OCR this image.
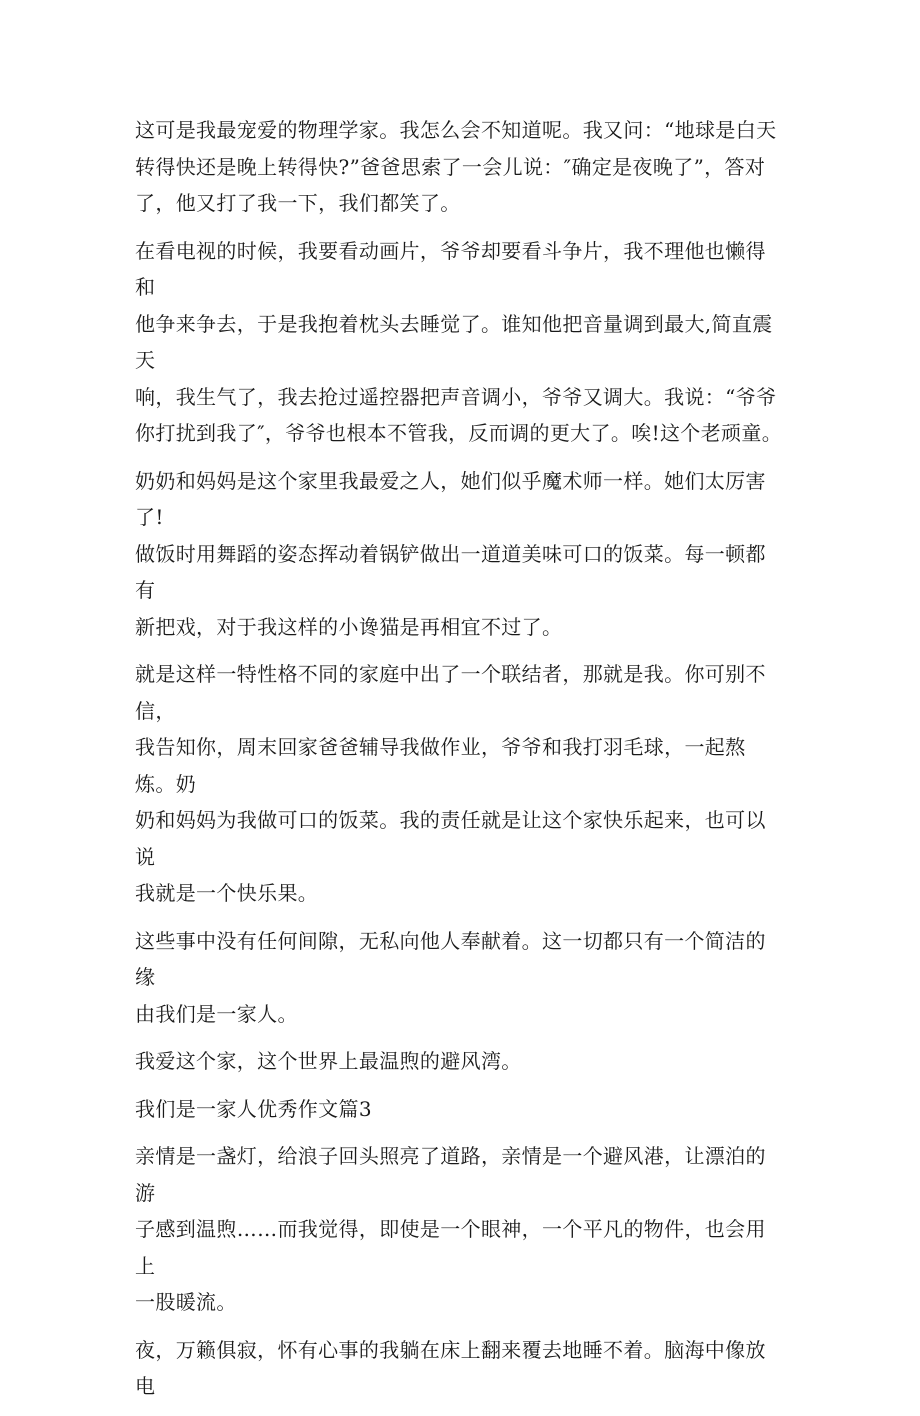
这可是我最宠爱的物理学家。我怎么会不知道呢。我又问：“地球是白天
转得快还是晚上转得快?”爸爸思索了一会儿说：″确定是夜晚了”，答对
了，他又打了我一下，我们都笑了。

在看电视的时候，我要看动画片，爷爷却要看斗争片，我不理他也懒得和
他争来争去，于是我抱着枕头去睡觉了。谁知他把音量调到最大,简直震天
响，我生气了，我去抢过遥控器把声音调小，爷爷又调大。我说：“爷爷
你打扰到我了″，爷爷也根本不管我，反而调的更大了。唉!这个老顽童。

奶奶和妈妈是这个家里我最爱之人，她们似乎魔术师一样。她们太厉害了!
做饭时用舞蹈的姿态挥动着锅铲做出一道道美味可口的饭菜。每一顿都有
新把戏，对于我这样的小谗猫是再相宜不过了。

就是这样一特性格不同的家庭中出了一个联结者，那就是我。你可别不信，
我告知你，周末回家爸爸辅导我做作业，爷爷和我打羽毛球，一起熬炼。奶
奶和妈妈为我做可口的饭菜。我的责任就是让这个家快乐起来，也可以说
我就是一个快乐果。

这些事中没有任何间隙，无私向他人奉献着。这一切都只有一个简洁的缘
由我们是一家人。

我爱这个家，这个世界上最温煦的避风湾。

我们是一家人优秀作文篇3

亲情是一盏灯，给浪子回头照亮了道路，亲情是一个避风港，让漂泊的游
子感到温煦……而我觉得，即使是一个眼神，一个平凡的物件，也会用上
一股暖流。

夜，万籁俱寂，怀有心事的我躺在床上翻来覆去地睡不着。脑海中像放电
